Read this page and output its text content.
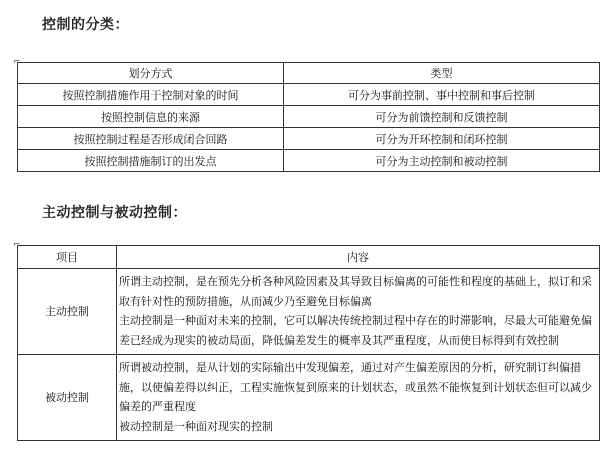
控制的分类：
⌐
划分方式	类型
按照控制措施作用于控制对象的时间	可分为事前控制、事中控制和事后控制
按照控制信息的来源	可分为前馈控制和反馈控制
按照控制过程是否形成闭合回路	可分为开环控制和闭环控制
按照控制措施制订的出发点	可分为主动控制和被动控制
主动控制与被动控制：
⌐
项目	内容
主动控制	所谓主动控制，是在预先分析各种风险因素及其导致目标偏离的可能性和程度的基础上，拟订和采取有针对性的预防措施，从而减少乃至避免目标偏离
主动控制是一种面对未来的控制，它可以解决传统控制过程中存在的时滞影响，尽最大可能避免偏差已经成为现实的被动局面，降低偏差发生的概率及其严重程度，从而使目标得到有效控制

被动控制	所谓被动控制，是从计划的实际输出中发现偏差，通过对产生偏差原因的分析，研究制订纠偏措施，以使偏差得以纠正，工程实施恢复到原来的计划状态，或虽然不能恢复到计划状态但可以减少偏差的严重程度
被动控制是一种面对现实的控制
